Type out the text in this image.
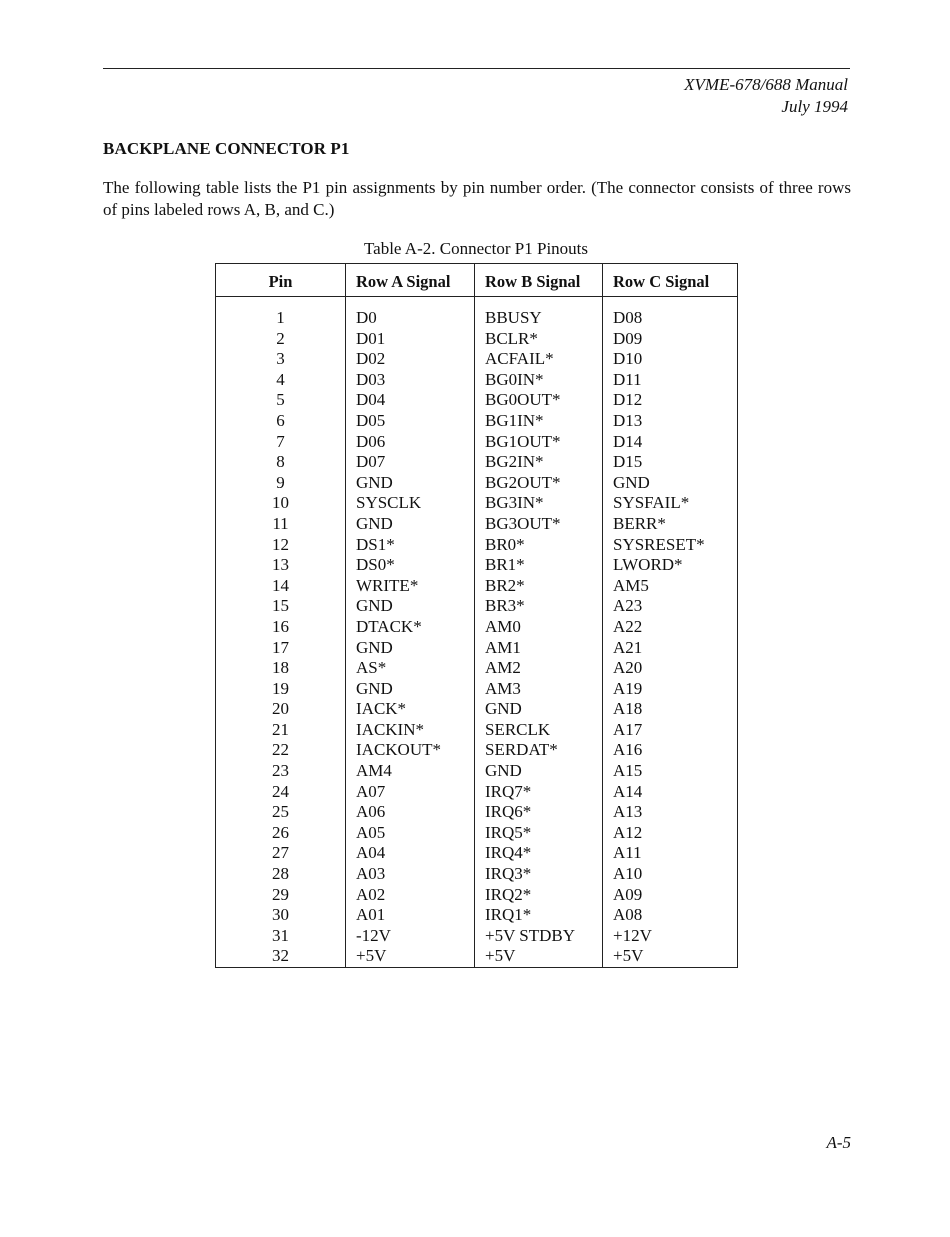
XVME-678/688 Manual
July 1994
BACKPLANE CONNECTOR P1
The following table lists the P1 pin assignments by pin number order. (The connector consists of three rows of pins labeled rows A, B, and C.)
Table A-2. Connector P1 Pinouts
Pin
1
2
3
4
5
6
7
8
9
10
11
12
13
14
15
16
17
18
19
20
21
22
23
24
25
26
27
28
29
30
31
32
Row A Signal
D0
D01
D02
D03
D04
D05
D06
D07
GND
SYSCLK
GND
DS1*
DS0*
WRITE*
GND
DTACK*
GND
AS*
GND
IACK*
IACKIN*
IACKOUT*
AM4
A07
A06
A05
A04
A03
A02
A01
-12V
+5V
Row B Signal
BBUSY
BCLR*
ACFAIL*
BG0IN*
BG0OUT*
BG1IN*
BG1OUT*
BG2IN*
BG2OUT*
BG3IN*
BG3OUT*
BR0*
BR1*
BR2*
BR3*
AM0
AM1
AM2
AM3
GND
SERCLK
SERDAT*
GND
IRQ7*
IRQ6*
IRQ5*
IRQ4*
IRQ3*
IRQ2*
IRQ1*
+5V STDBY
+5V
Row C Signal
D08
D09
D10
D11
D12
D13
D14
D15
GND
SYSFAIL*
BERR*
SYSRESET*
LWORD*
AM5
A23
A22
A21
A20
A19
A18
A17
A16
A15
A14
A13
A12
A11
A10
A09
A08
+12V
+5V
A-5
